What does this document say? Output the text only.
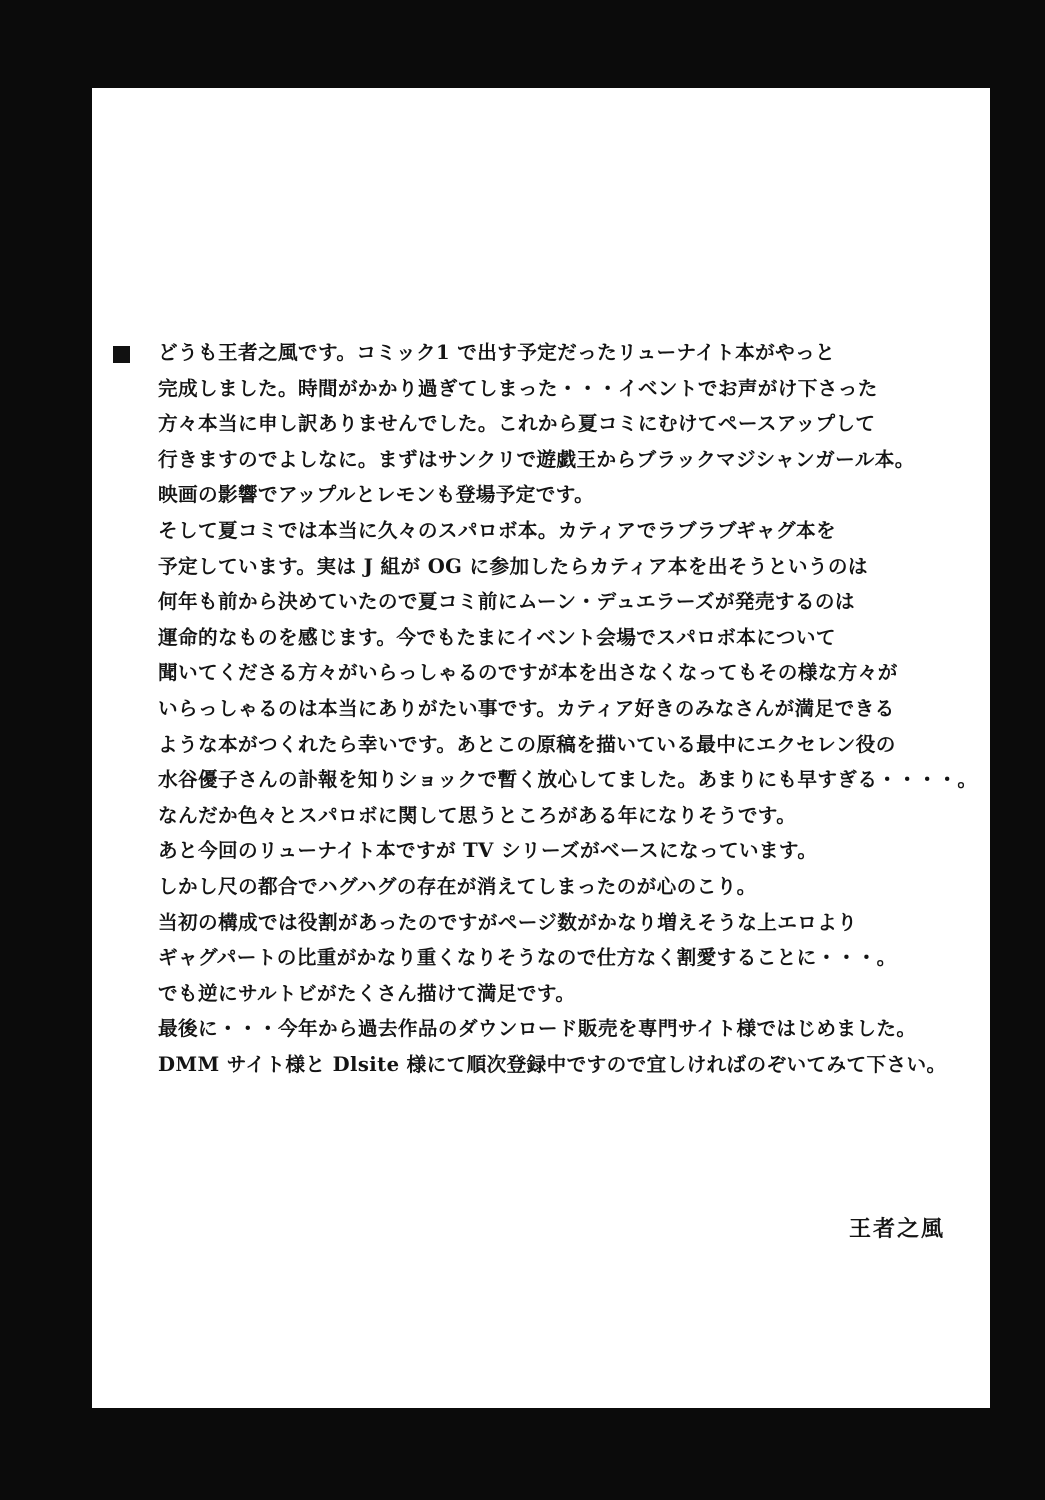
どうも王者之風です。コミック1 で出す予定だったリューナイト本がやっと
完成しました。時間がかかり過ぎてしまった・・・イベントでお声がけ下さった
方々本当に申し訳ありませんでした。これから夏コミにむけてペースアップして
行きますのでよしなに。まずはサンクリで遊戯王からブラックマジシャンガール本。
映画の影響でアップルとレモンも登場予定です。
そして夏コミでは本当に久々のスパロボ本。カティアでラブラブギャグ本を
予定しています。実は J 組が OG に参加したらカティア本を出そうというのは
何年も前から決めていたので夏コミ前にムーン・デュエラーズが発売するのは
運命的なものを感じます。今でもたまにイベント会場でスパロボ本について
聞いてくださる方々がいらっしゃるのですが本を出さなくなってもその様な方々が
いらっしゃるのは本当にありがたい事です。カティア好きのみなさんが満足できる
ような本がつくれたら幸いです。あとこの原稿を描いている最中にエクセレン役の
水谷優子さんの訃報を知りショックで暫く放心してました。あまりにも早すぎる・・・・。
なんだか色々とスパロボに関して思うところがある年になりそうです。
あと今回のリューナイト本ですが TV シリーズがベースになっています。
しかし尺の都合でハグハグの存在が消えてしまったのが心のこり。
当初の構成では役割があったのですがページ数がかなり増えそうな上エロより
ギャグパートの比重がかなり重くなりそうなので仕方なく割愛することに・・・。
でも逆にサルトビがたくさん描けて満足です。
最後に・・・今年から過去作品のダウンロード販売を専門サイト様ではじめました。
DMM サイト様と Dlsite 様にて順次登録中ですので宜しければのぞいてみて下さい。
王者之風
